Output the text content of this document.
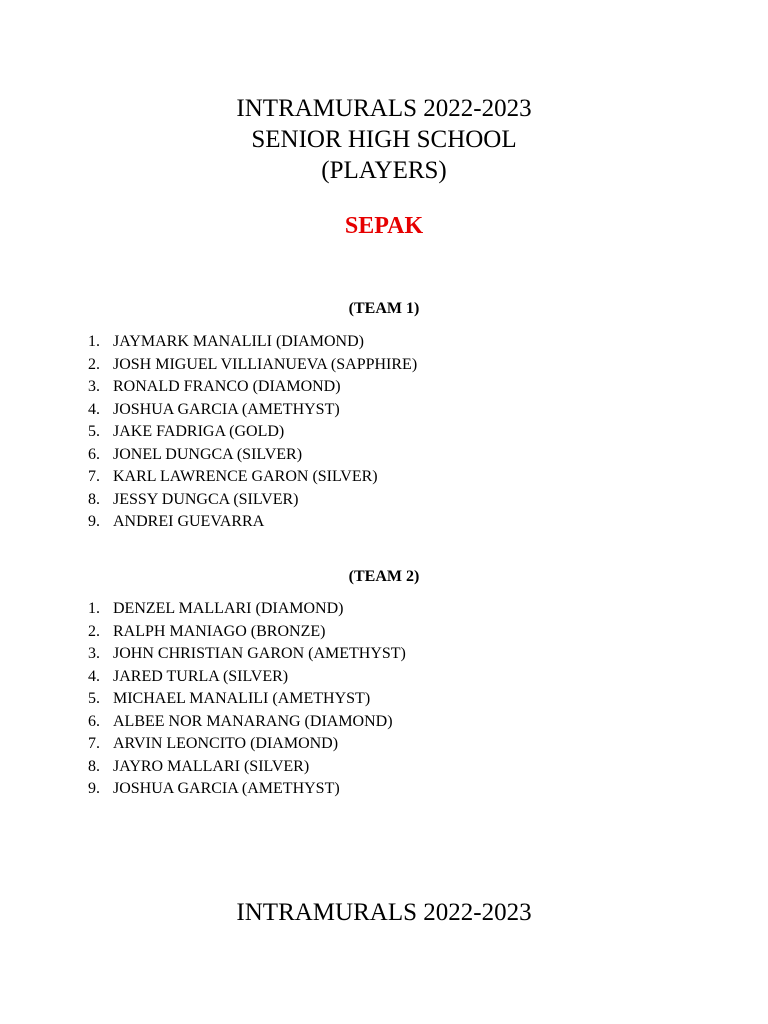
INTRAMURALS 2022-2023
SENIOR HIGH SCHOOL
(PLAYERS)
SEPAK
(TEAM 1)
1. JAYMARK MANALILI (DIAMOND)
2. JOSH MIGUEL VILLIANUEVA (SAPPHIRE)
3. RONALD FRANCO (DIAMOND)
4. JOSHUA GARCIA (AMETHYST)
5. JAKE FADRIGA (GOLD)
6. JONEL DUNGCA (SILVER)
7. KARL LAWRENCE GARON (SILVER)
8. JESSY DUNGCA (SILVER)
9. ANDREI GUEVARRA
(TEAM 2)
1. DENZEL MALLARI (DIAMOND)
2. RALPH MANIAGO (BRONZE)
3. JOHN CHRISTIAN GARON (AMETHYST)
4. JARED TURLA (SILVER)
5. MICHAEL MANALILI (AMETHYST)
6. ALBEE NOR MANARANG (DIAMOND)
7. ARVIN LEONCITO (DIAMOND)
8. JAYRO MALLARI (SILVER)
9. JOSHUA GARCIA (AMETHYST)
INTRAMURALS 2022-2023
